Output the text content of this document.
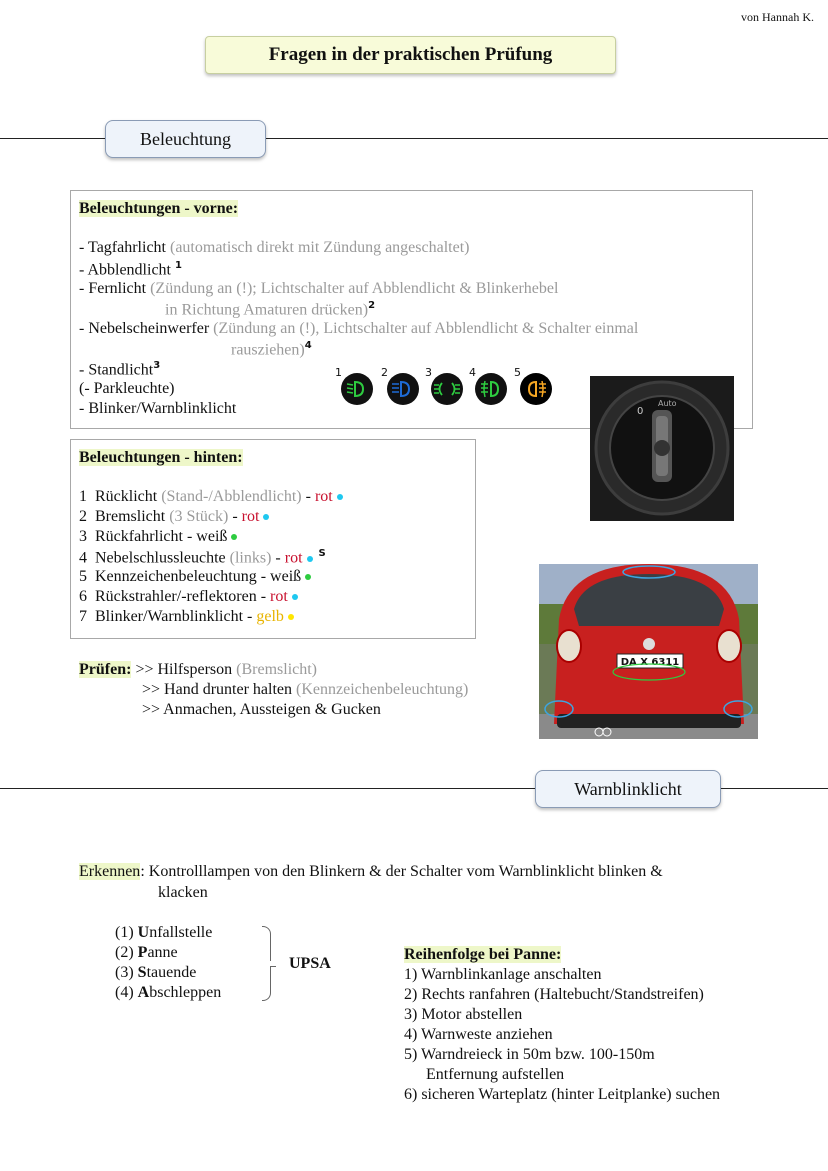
von Hannah K.
Fragen in der praktischen Prüfung
Beleuchtung
Beleuchtungen - vorne:
- Tagfahrlicht (automatisch direkt mit Zündung angeschaltet)
- Abblendlicht $^1$
- Fernlicht (Zündung an (!); Lichtschalter auf Abblendlicht & Blinkerhebel
in Richtung Amaturen drücken)$^2$
- Nebelscheinwerfer (Zündung an (!), Lichtschalter auf Abblendlicht & Schalter einmal
rausziehen)$^4$
- Standlicht$^3$
(- Parkleuchte)
- Blinker/Warnblinklicht
1	2	3	4	5
0
Auto
Beleuchtungen - hinten:
1  Rücklicht (Stand-/Abblendlicht) - rot
2  Bremslicht (3 Stück) - rot
3  Rückfahrlicht - weiß
4  Nebelschlussleuchte (links) - rot $^S$
5  Kennzeichenbeleuchtung - weiß
6  Rückstrahler/-reflektoren - rot
7  Blinker/Warnblinklicht - gelb
DA X 6311
Prüfen: >> Hilfsperson (Bremslicht)
>> Hand drunter halten (Kennzeichenbeleuchtung)
>> Anmachen, Aussteigen & Gucken
Warnblinklicht
Erkennen: Kontrolllampen von den Blinkern & der Schalter vom Warnblinklicht blinken &
klacken
(1) Unfallstelle
(2) Panne
(3) Stauende
(4) Abschleppen
UPSA
Reihenfolge bei Panne:
1) Warnblinkanlage anschalten
2) Rechts ranfahren (Haltebucht/Standstreifen)
3) Motor abstellen
4) Warnweste anziehen
5) Warndreieck in 50m bzw. 100-150m
Entfernung aufstellen
6) sicheren Warteplatz (hinter Leitplanke) suchen
